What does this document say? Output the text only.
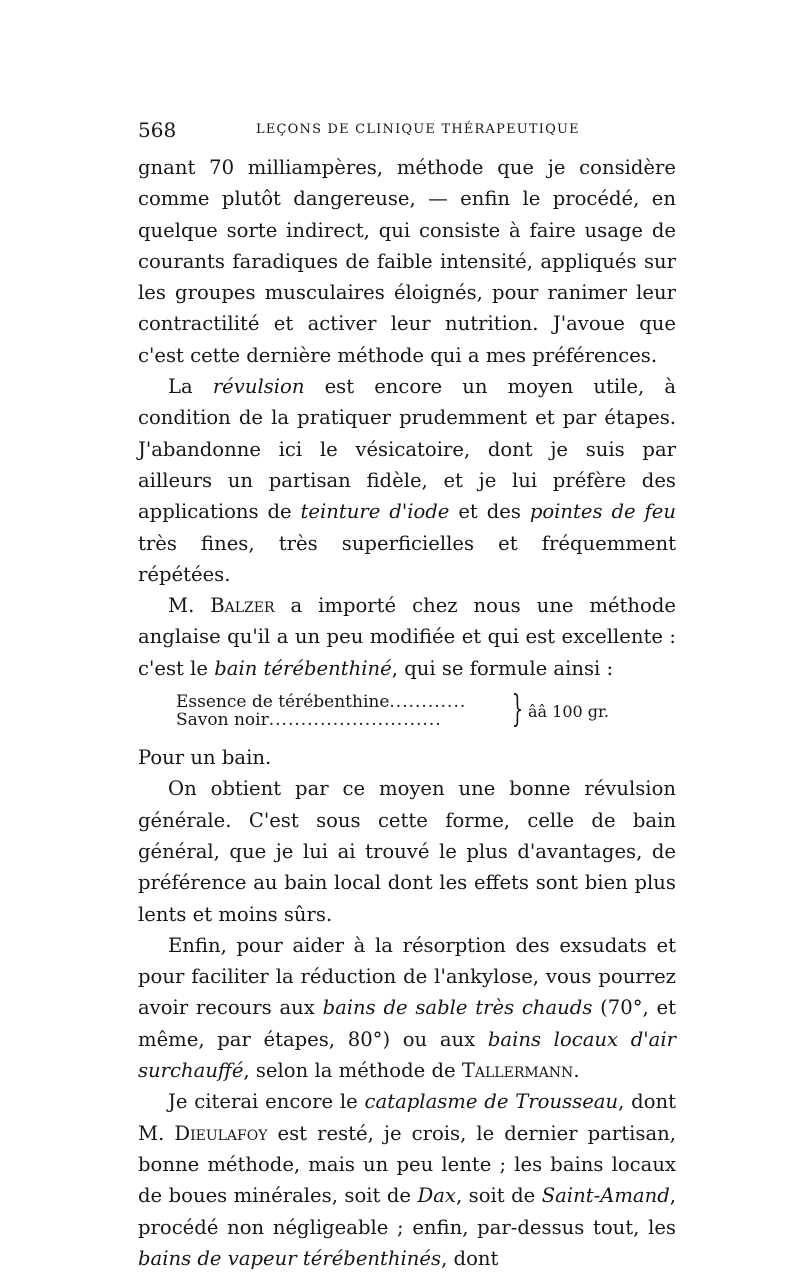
568	LEÇONS DE CLINIQUE THÉRAPEUTIQUE

gnant 70 milliampères, méthode que je considère comme plutôt dangereuse, — enfin le procédé, en quelque sorte indirect, qui consiste à faire usage de courants faradiques de faible intensité, appliqués sur les groupes musculaires éloignés, pour ranimer leur contractilité et activer leur nutrition. J'avoue que c'est cette dernière méthode qui a mes préférences.

La révulsion est encore un moyen utile, à condition de la pratiquer prudemment et par étapes. J'abandonne ici le vésicatoire, dont je suis par ailleurs un partisan fidèle, et je lui préfère des applications de teinture d'iode et des pointes de feu très fines, très superficielles et fréquemment répétées.

M. Balzer a importé chez nous une méthode anglaise qu'il a un peu modifiée et qui est excellente : c'est le bain térébenthiné, qui se formule ainsi :

Essence de térébenthine............
Savon noir........................... } ââ 100 gr.

Pour un bain.

On obtient par ce moyen une bonne révulsion générale. C'est sous cette forme, celle de bain général, que je lui ai trouvé le plus d'avantages, de préférence au bain local dont les effets sont bien plus lents et moins sûrs.

Enfin, pour aider à la résorption des exsudats et pour faciliter la réduction de l'ankylose, vous pourrez avoir recours aux bains de sable très chauds (70°, et même, par étapes, 80°) ou aux bains locaux d'air surchauffé, selon la méthode de Tallermann.

Je citerai encore le cataplasme de Trousseau, dont M. Dieulafoy est resté, je crois, le dernier partisan, bonne méthode, mais un peu lente ; les bains locaux de boues minérales, soit de Dax, soit de Saint-Amand, procédé non négligeable ; enfin, par-dessus tout, les bains de vapeur térébenthinés, dont
